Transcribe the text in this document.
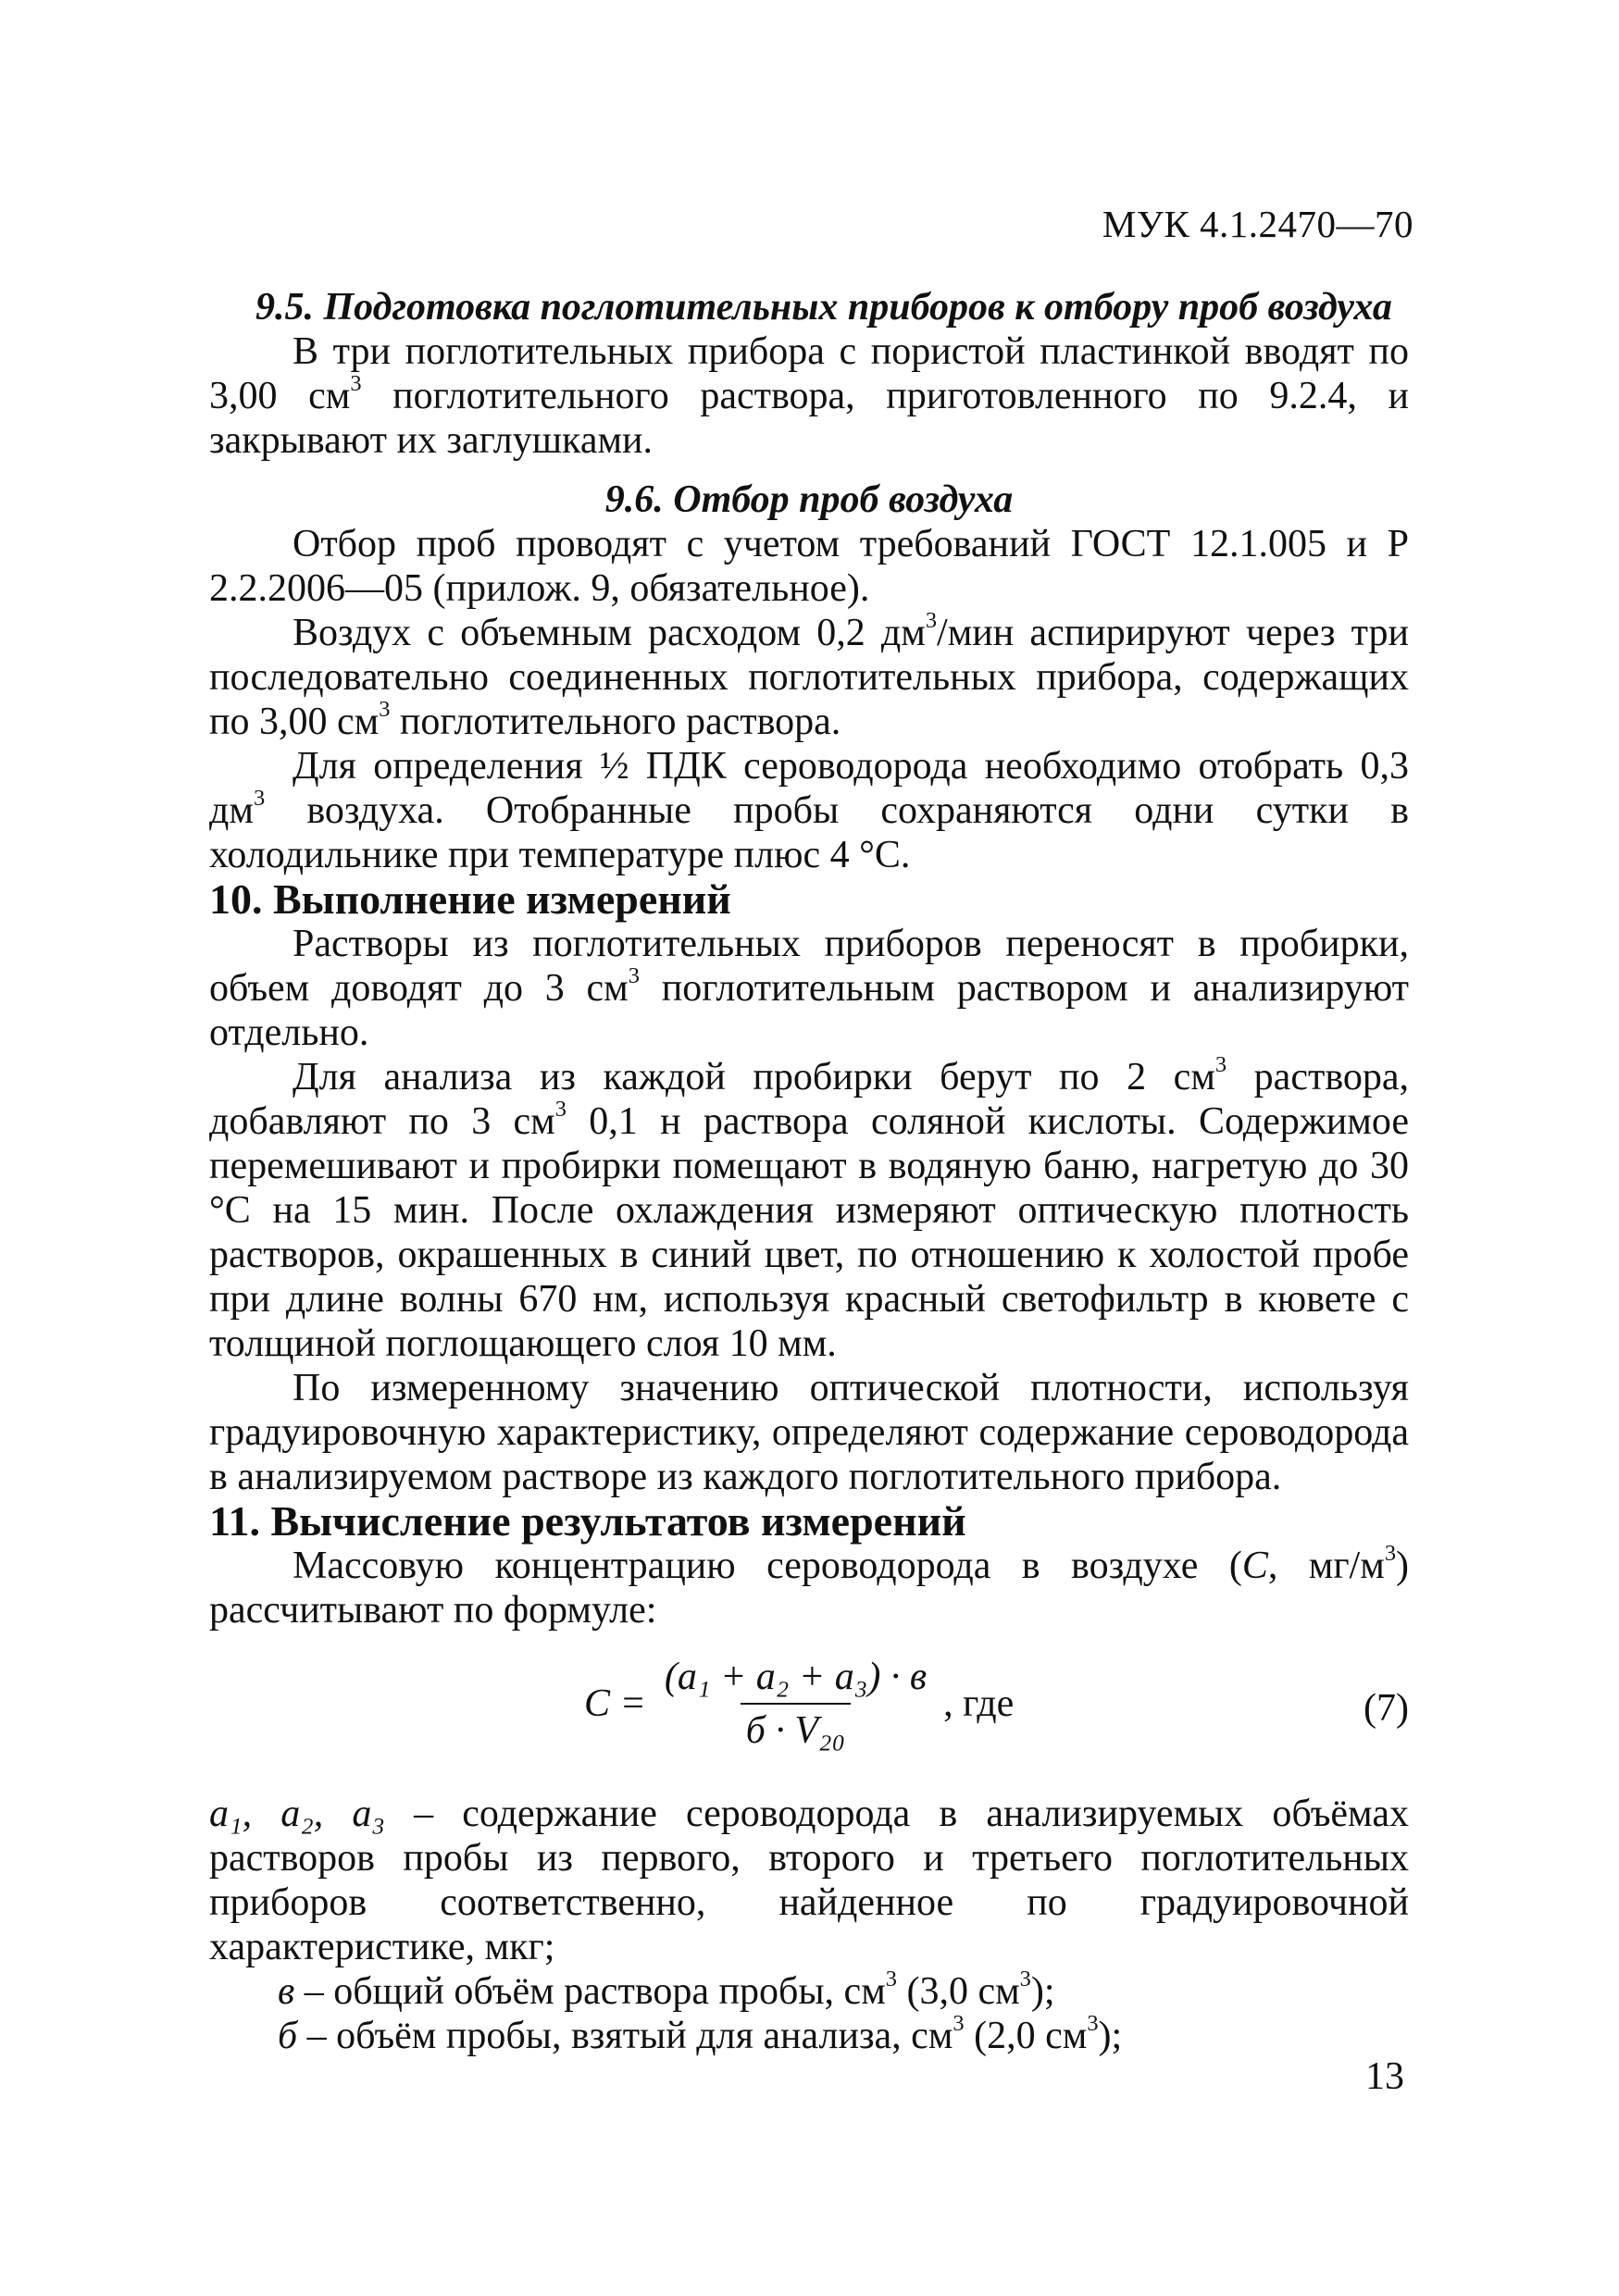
МУК 4.1.2470—70

9.5. Подготовка поглотительных приборов к отбору проб воздуха

В три поглотительных прибора с пористой пластинкой вводят по 3,00 $см^3$ поглотительного раствора, приготовленного по 9.2.4, и закрывают их заглушками.

9.6. Отбор проб воздуха

Отбор проб проводят с учетом требований ГОСТ 12.1.005 и Р 2.2.2006—05 (прилож. 9, обязательное).

Воздух с объемным расходом 0,2 $дм^3$/мин аспирируют через три последовательно соединенных поглотительных прибора, содержащих по 3,00 $см^3$ поглотительного раствора.

Для определения ½ ПДК сероводорода необходимо отобрать 0,3 $дм^3$ воздуха. Отобранные пробы сохраняются одни сутки в холодильнике при температуре плюс 4 °С.

10. Выполнение измерений

Растворы из поглотительных приборов переносят в пробирки, объем доводят до 3 $см^3$ поглотительным раствором и анализируют отдельно.

Для анализа из каждой пробирки берут по 2 $см^3$ раствора, добавляют по 3 $см^3$ 0,1 н раствора соляной кислоты. Содержимое перемешивают и пробирки помещают в водяную баню, нагретую до 30 °С на 15 мин. После охлаждения измеряют оптическую плотность растворов, окрашенных в синий цвет, по отношению к холостой пробе при длине волны 670 нм, используя красный светофильтр в кювете с толщиной поглощающего слоя 10 мм.

По измеренному значению оптической плотности, используя градуировочную характеристику, определяют содержание сероводорода в анализируемом растворе из каждого поглотительного прибора.

11. Вычисление результатов измерений

Массовую концентрацию сероводорода в воздухе (С, $мг/м^3$) рассчитывают по формуле:

$С = \frac{\text{(a₁ + a₂ + a₃) · в}}{\text{б · V₂₀}}$ , где	(7)

a₁, a₂, a₃ – содержание сероводорода в анализируемых объёмах растворов пробы из первого, второго и третьего поглотительных приборов соответственно, найденное по градуировочной характеристике, мкг;

в – общий объём раствора пробы, $см^3$ (3,0 $см^3$);

б – объём пробы, взятый для анализа, $см^3$ (2,0 $см^3$);

13
